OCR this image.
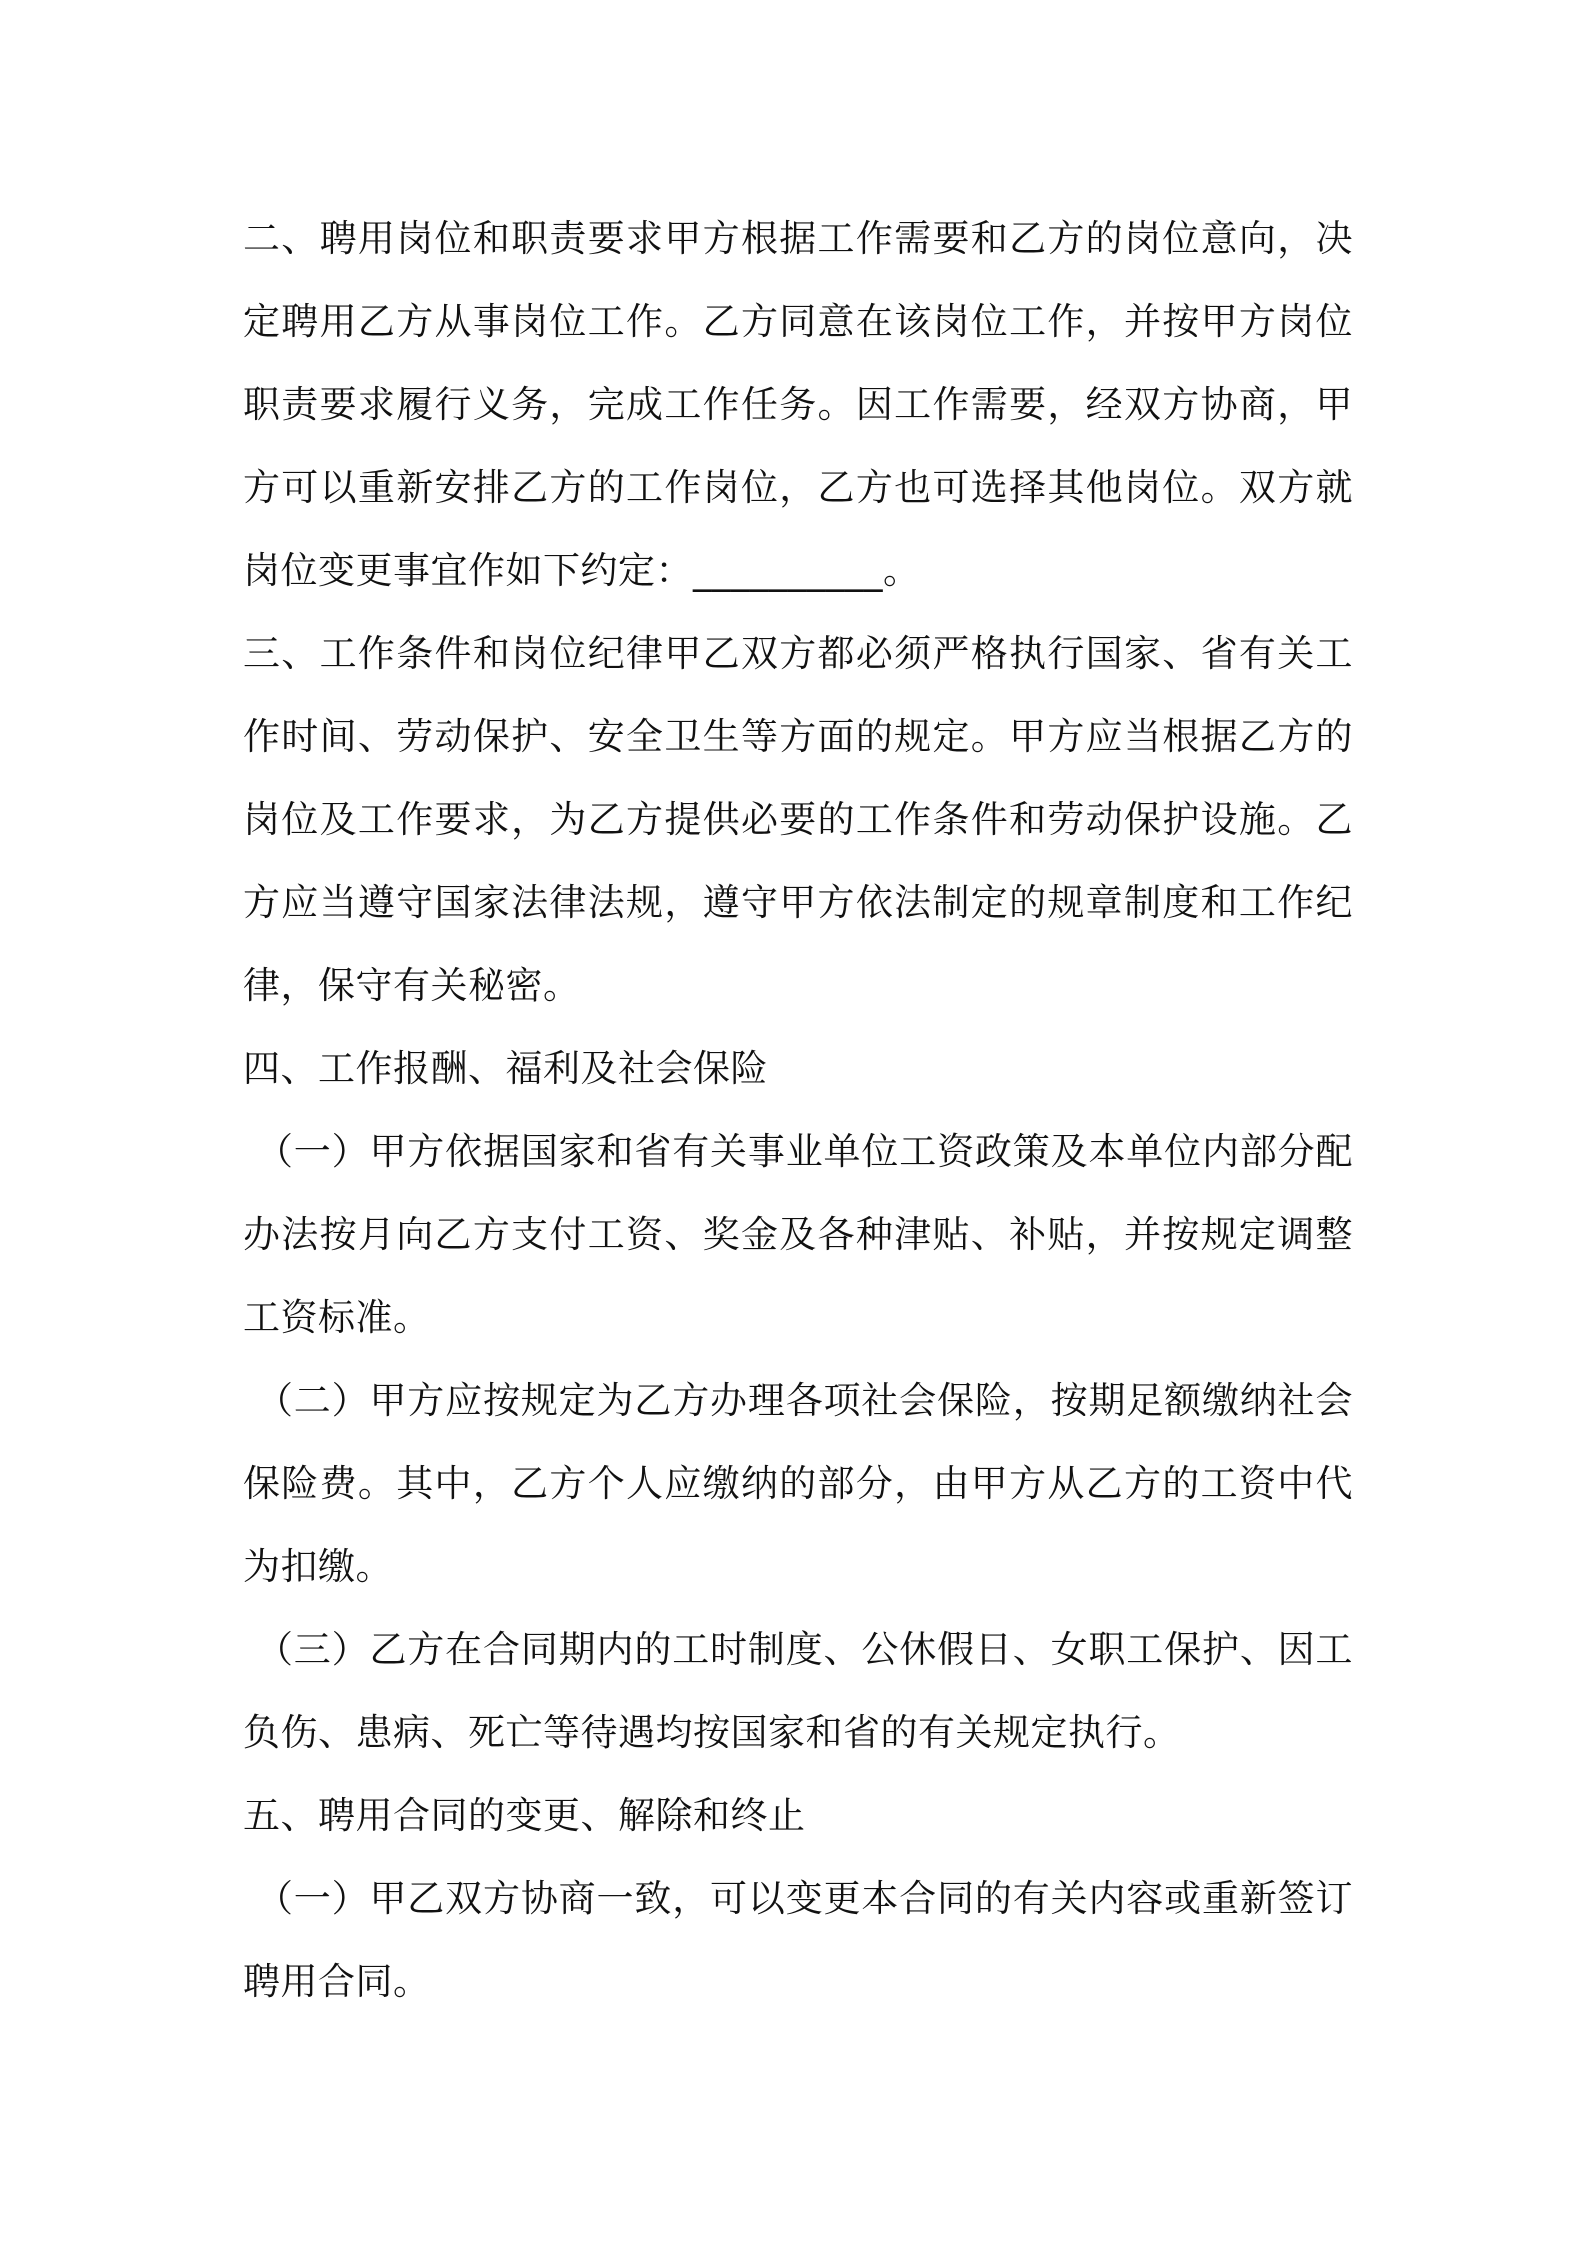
二、聘用岗位和职责要求甲方根据工作需要和乙方的岗位意向，决定聘用乙方从事岗位工作。乙方同意在该岗位工作，并按甲方岗位职责要求履行义务，完成工作任务。因工作需要，经双方协商，甲方可以重新安排乙方的工作岗位，乙方也可选择其他岗位。双方就岗位变更事宜作如下约定：__________。

三、工作条件和岗位纪律甲乙双方都必须严格执行国家、省有关工作时间、劳动保护、安全卫生等方面的规定。甲方应当根据乙方的岗位及工作要求，为乙方提供必要的工作条件和劳动保护设施。乙方应当遵守国家法律法规，遵守甲方依法制定的规章制度和工作纪律，保守有关秘密。

四、工作报酬、福利及社会保险

（一）甲方依据国家和省有关事业单位工资政策及本单位内部分配办法按月向乙方支付工资、奖金及各种津贴、补贴，并按规定调整工资标准。

（二）甲方应按规定为乙方办理各项社会保险，按期足额缴纳社会保险费。其中，乙方个人应缴纳的部分，由甲方从乙方的工资中代为扣缴。

（三）乙方在合同期内的工时制度、公休假日、女职工保护、因工负伤、患病、死亡等待遇均按国家和省的有关规定执行。

五、聘用合同的变更、解除和终止

（一）甲乙双方协商一致，可以变更本合同的有关内容或重新签订聘用合同。
